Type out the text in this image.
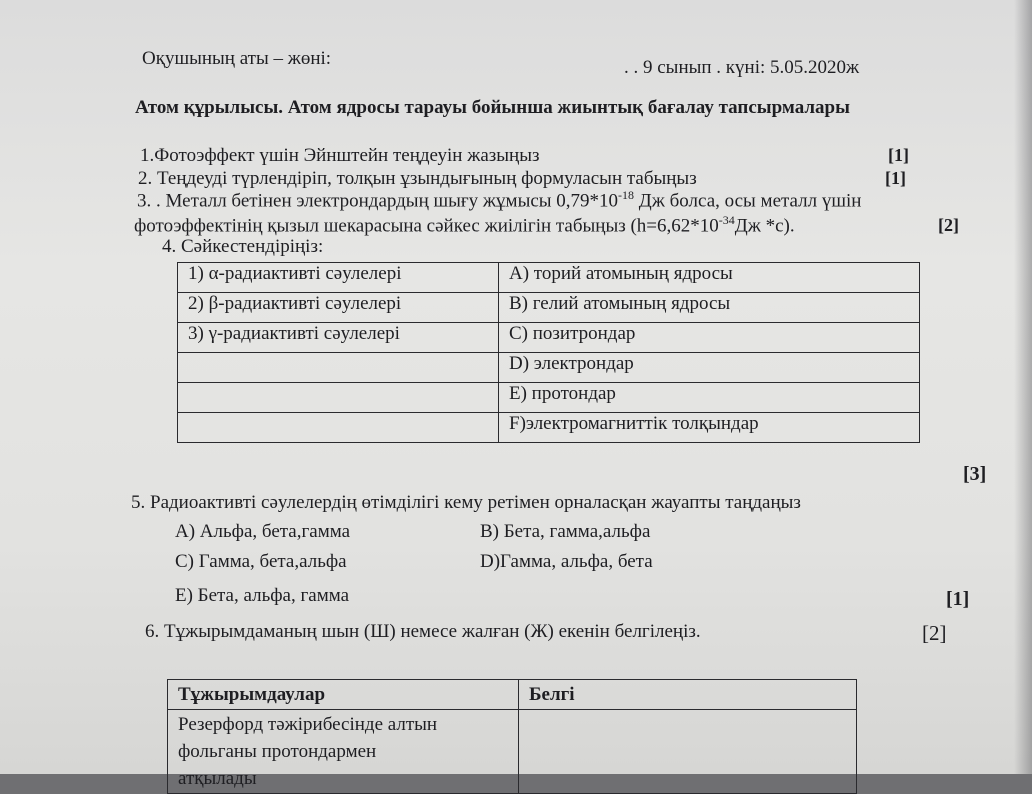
Оқушының аты – жөні:	. . 9 сынып . күні: 5.05.2020ж
Атом құрылысы. Атом ядросы тарауы бойынша жиынтық бағалау тапсырмалары
1.Фотоэффект үшін Эйнштейн теңдеуін жазыңыз	[1]
2. Теңдеуді түрлендіріп, толқын ұзындығының формуласын табыңыз	[1]
3. . Металл бетінен электрондардың шығу жұмысы $0,79*10^{-18}$ Дж болса, осы металл үшін
фотоэффектінің қызыл шекарасына сәйкес жиілігін табыңыз ($h=6,62*10^{-34}Дж$ *с).	[2]
4. Сәйкестендіріңіз:
1) α-радиактивті сәулелері	A) торий атомының ядросы
2) β-радиактивті сәулелері	B) гелий атомының ядросы
3) γ-радиактивті сәулелері	C) позитрондар
	D) электрондар
	E) протондар
	F)электромагниттік толқындар
[3]
5. Радиоактивті сәулелердің өтімділігі кему ретімен орналасқан жауапты таңдаңыз
A) Альфа, бета,гамма	B) Бета, гамма,альфа
C) Гамма, бета,альфа	D)Гамма, альфа, бета
E) Бета, альфа, гамма	[1]
6. Тұжырымдаманың шын (Ш) немесе жалған (Ж) екенін белгілеңіз.	[2]
Тұжырымдаулар	Белгі

Резерфорд тәжірибесінде алтын
фольганы протондармен
атқылады	
